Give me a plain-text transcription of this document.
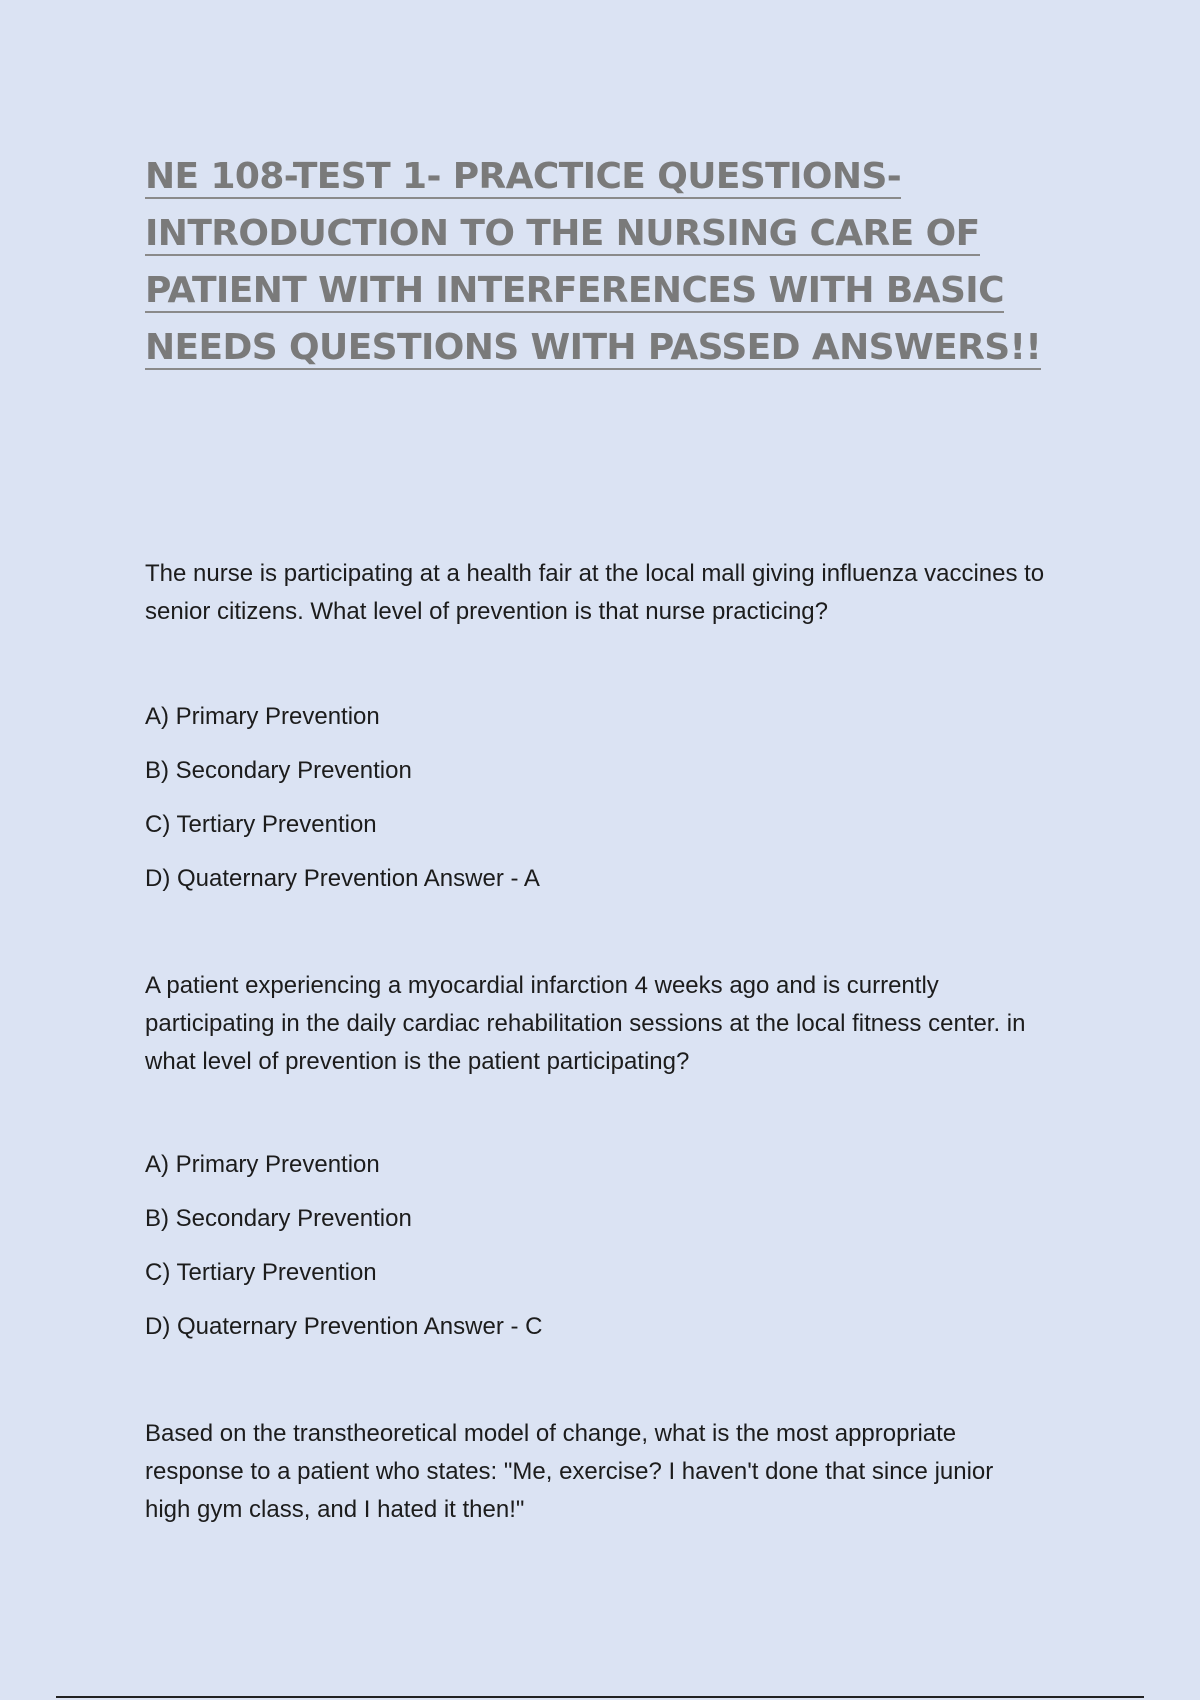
NE 108-TEST 1- PRACTICE QUESTIONS-
INTRODUCTION TO THE NURSING CARE OF
PATIENT WITH INTERFERENCES WITH BASIC
NEEDS QUESTIONS WITH PASSED ANSWERS!!

The nurse is participating at a health fair at the local mall giving influenza vaccines to senior citizens. What level of prevention is that nurse practicing?

A) Primary Prevention
B) Secondary Prevention
C) Tertiary Prevention
D) Quaternary Prevention Answer - A

A patient experiencing a myocardial infarction 4 weeks ago and is currently participating in the daily cardiac rehabilitation sessions at the local fitness center. in what level of prevention is the patient participating?

A) Primary Prevention
B) Secondary Prevention
C) Tertiary Prevention
D) Quaternary Prevention Answer - C

Based on the transtheoretical model of change, what is the most appropriate response to a patient who states: "Me, exercise? I haven't done that since junior high gym class, and I hated it then!"
